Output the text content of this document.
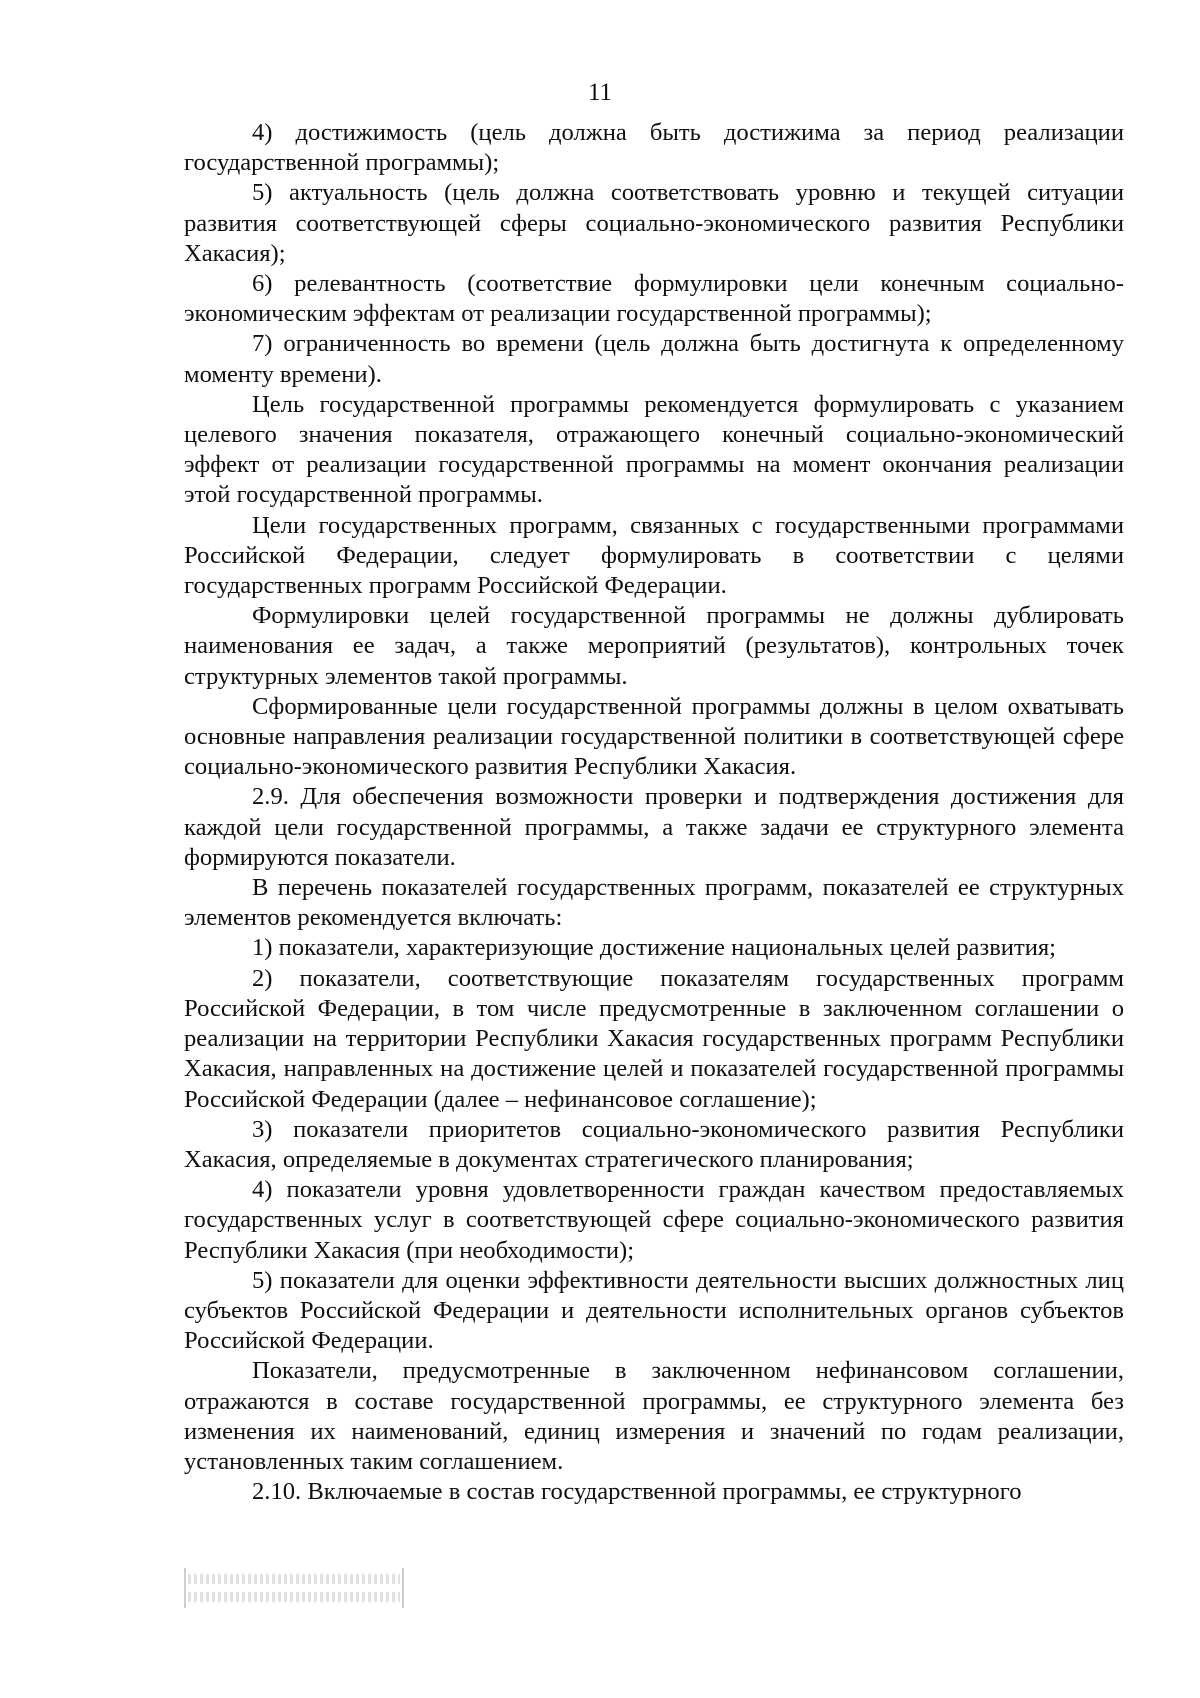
11

4) достижимость (цель должна быть достижима за период реализации государственной программы);

5) актуальность (цель должна соответствовать уровню и текущей ситуации развития соответствующей сферы социально-экономического развития Республики Хакасия);

6) релевантность (соответствие формулировки цели конечным социально-экономическим эффектам от реализации государственной программы);

7) ограниченность во времени (цель должна быть достигнута к определенному моменту времени).

Цель государственной программы рекомендуется формулировать с указанием целевого значения показателя, отражающего конечный социально-экономический эффект от реализации государственной программы на момент окончания реализации этой государственной программы.

Цели государственных программ, связанных с государственными программами Российской Федерации, следует формулировать в соответствии с целями государственных программ Российской Федерации.

Формулировки целей государственной программы не должны дублировать наименования ее задач, а также мероприятий (результатов), контрольных точек структурных элементов такой программы.

Сформированные цели государственной программы должны в целом охватывать основные направления реализации государственной политики в соответствующей сфере социально-экономического развития Республики Хакасия.

2.9. Для обеспечения возможности проверки и подтверждения достижения для каждой цели государственной программы, а также задачи ее структурного элемента формируются показатели.

В перечень показателей государственных программ, показателей ее структурных элементов рекомендуется включать:

1) показатели, характеризующие достижение национальных целей развития;

2) показатели, соответствующие показателям государственных программ Российской Федерации, в том числе предусмотренные в заключенном соглашении о реализации на территории Республики Хакасия государственных программ Республики Хакасия, направленных на достижение целей и показателей государственной программы Российской Федерации (далее – нефинансовое соглашение);

3) показатели приоритетов социально-экономического развития Республики Хакасия, определяемые в документах стратегического планирования;

4) показатели уровня удовлетворенности граждан качеством предоставляемых государственных услуг в соответствующей сфере социально-экономического развития Республики Хакасия (при необходимости);

5) показатели для оценки эффективности деятельности высших должностных лиц субъектов Российской Федерации и деятельности исполнительных органов субъектов Российской Федерации.

Показатели, предусмотренные в заключенном нефинансовом соглашении, отражаются в составе государственной программы, ее структурного элемента без изменения их наименований, единиц измерения и значений по годам реализации, установленных таким соглашением.

2.10. Включаемые в состав государственной программы, ее структурного
